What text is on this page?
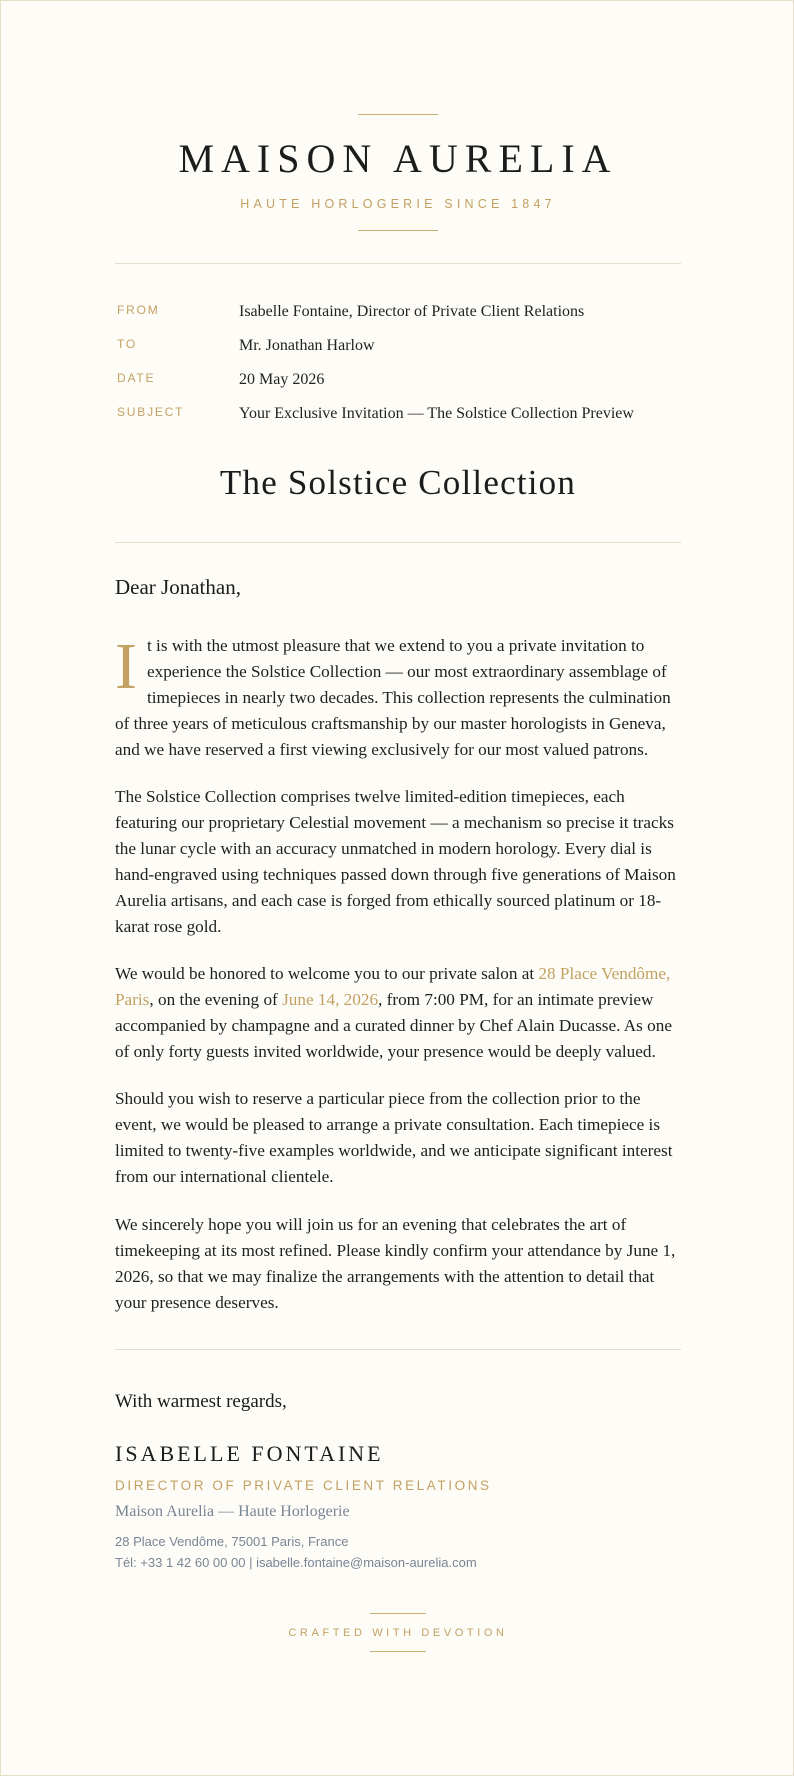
MAISON AURELIA
HAUTE HORLOGERIE SINCE 1847
FROM	Isabelle Fontaine, Director of Private Client Relations
TO	Mr. Jonathan Harlow
DATE	20 May 2026
SUBJECT	Your Exclusive Invitation — The Solstice Collection Preview
The Solstice Collection
Dear Jonathan,
It is with the utmost pleasure that we extend to you a private invitation to experience the Solstice Collection — our most extraordinary assemblage of timepieces in nearly two decades. This collection represents the culmination of three years of meticulous craftsmanship by our master horologists in Geneva, and we have reserved a first viewing exclusively for our most valued patrons.
The Solstice Collection comprises twelve limited-edition timepieces, each featuring our proprietary Celestial movement — a mechanism so precise it tracks the lunar cycle with an accuracy unmatched in modern horology. Every dial is hand-engraved using techniques passed down through five generations of Maison Aurelia artisans, and each case is forged from ethically sourced platinum or 18-karat rose gold.
We would be honored to welcome you to our private salon at 28 Place Vendôme, Paris, on the evening of June 14, 2026, from 7:00 PM, for an intimate preview accompanied by champagne and a curated dinner by Chef Alain Ducasse. As one of only forty guests invited worldwide, your presence would be deeply valued.
Should you wish to reserve a particular piece from the collection prior to the event, we would be pleased to arrange a private consultation. Each timepiece is limited to twenty-five examples worldwide, and we anticipate significant interest from our international clientele.
We sincerely hope you will join us for an evening that celebrates the art of timekeeping at its most refined. Please kindly confirm your attendance by June 1, 2026, so that we may finalize the arrangements with the attention to detail that your presence deserves.
With warmest regards,
ISABELLE FONTAINE
DIRECTOR OF PRIVATE CLIENT RELATIONS
Maison Aurelia — Haute Horlogerie
28 Place Vendôme, 75001 Paris, France
Tél: +33 1 42 60 00 00 | isabelle.fontaine@maison-aurelia.com
CRAFTED WITH DEVOTION
